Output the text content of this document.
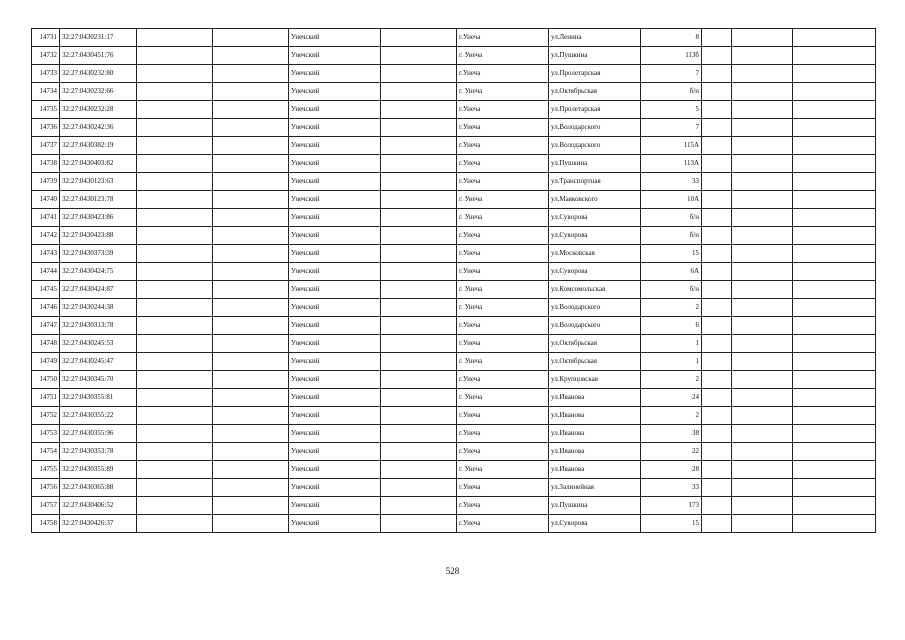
14731	32:27:0430231:17			Унечский		г.Унеча	ул.Ленина	8			
14732	32:27:0430451:76			Унечский		г. Унеча	ул.Пушкина	113б			
14733	32:27:0430232:80			Унечский		г.Унеча	ул.Пролетарская	7			
14734	32:27:0430232:66			Унечский		г. Унеча	ул.Октябрьская	б/н			
14735	32:27:0430232:28			Унечский		г.Унеча	ул.Пролетарская	5			
14736	32:27:0430242:36			Унечский		г.Унеча	ул.Володарского	7			
14737	32:27:0430382:19			Унечский		г.Унеча	ул.Володарского	115А			
14738	32:27:0430403:82			Унечский		г.Унеча	ул.Пушкина	113А			
14739	32:27:0430123:63			Унечский		г.Унеча	ул.Транспортная	33			
14740	32:27:0430123:78			Унечский		г. Унеча	ул.Маяковского	10А			
14741	32:27:0430423:86			Унечский		г. Унеча	ул.Суворова	б/н			
14742	32:27:0430423:88			Унечский		г.Унеча	ул.Суворова	б/н			
14743	32:27:0430373:39			Унечский		г.Унеча	ул.Московская	15			
14744	32:27:0430424:75			Унечский		г.Унеча	ул.Суворова	6А			
14745	32:27:0430424:87			Унечский		г. Унеча	ул.Комсомольская	б/н			
14746	32:27:0430244:38			Унечский		г. Унеча	ул.Володарского	2			
14747	32:27:0430313:78			Унечский		г.Унеча	ул.Володарского	6			
14748	32:27:0430245:53			Унечский		г.Унеча	ул.Октябрьская	1			
14749	32:27:0430245:47			Унечский		г. Унеча	ул.Октябрьская	1			
14750	32:27:0430345:70			Унечский		г.Унеча	ул.Крупцовская	2			
14751	32:27:0430355:81			Унечский		г. Унеча	ул.Иванова	24			
14752	32:27:0430355:22			Унечский		г.Унеча	ул.Иванова	2			
14753	32:27:0430355:96			Унечский		г.Унеча	ул.Иванова	38			
14754	32:27:0430353:78			Унечский		г.Унеча	ул.Иванова	22			
14755	32:27:0430355:89			Унечский		г. Унеча	ул.Иванова	28			
14756	32:27:0430365:88			Унечский		г.Унеча	ул.Залинейная	33			
14757	32:27:0430406:52			Унечский		г.Унеча	ул.Пушкина	173			
14758	32:27:0430426:37			Унечский		г.Унеча	ул.Суворова	15			
528
